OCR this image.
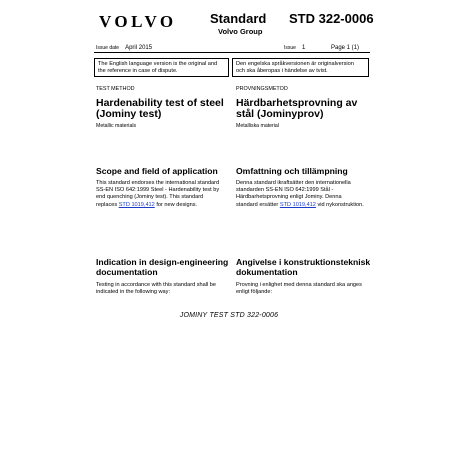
VOLVO	Standard
Volvo Group
STD 322-0006
Issue date April 2015	Issue 1	Page 1 (1)
The English language version is the original and
the reference in case of dispute.
Den engelska språkversionen är originalversion
och ska åberopas i händelse av tvist.
TEST METHOD
Hardenability test of steel
(Jominy test)
Metallic materials
Scope and field of application
This standard endorses the international standard
SS-EN ISO 642:1999 Steel - Hardenability test by
end quenching (Jominy test). This standard
replaces STD 1019,412 for new designs.
Indication in design-engineering
documentation
Testing in accordance with this standard shall be
indicated in the following way:
PROVNINGSMETOD
Härdbarhetsprovning av
stål (Jominyprov)
Metalliska material
Omfattning och tillämpning
Denna standard ikraftsätter den internationella
standarden SS-EN ISO 642:1999 Stål -
Härdbarhetsprovning enligt Jominy. Denna
standard ersätter STD 1019,412 vid nykonstruktion.
Angivelse i konstruktionsteknisk
dokumentation
Provning i enlighet med denna standard ska anges
enligt följande:
JOMINY TEST STD 322-0006
